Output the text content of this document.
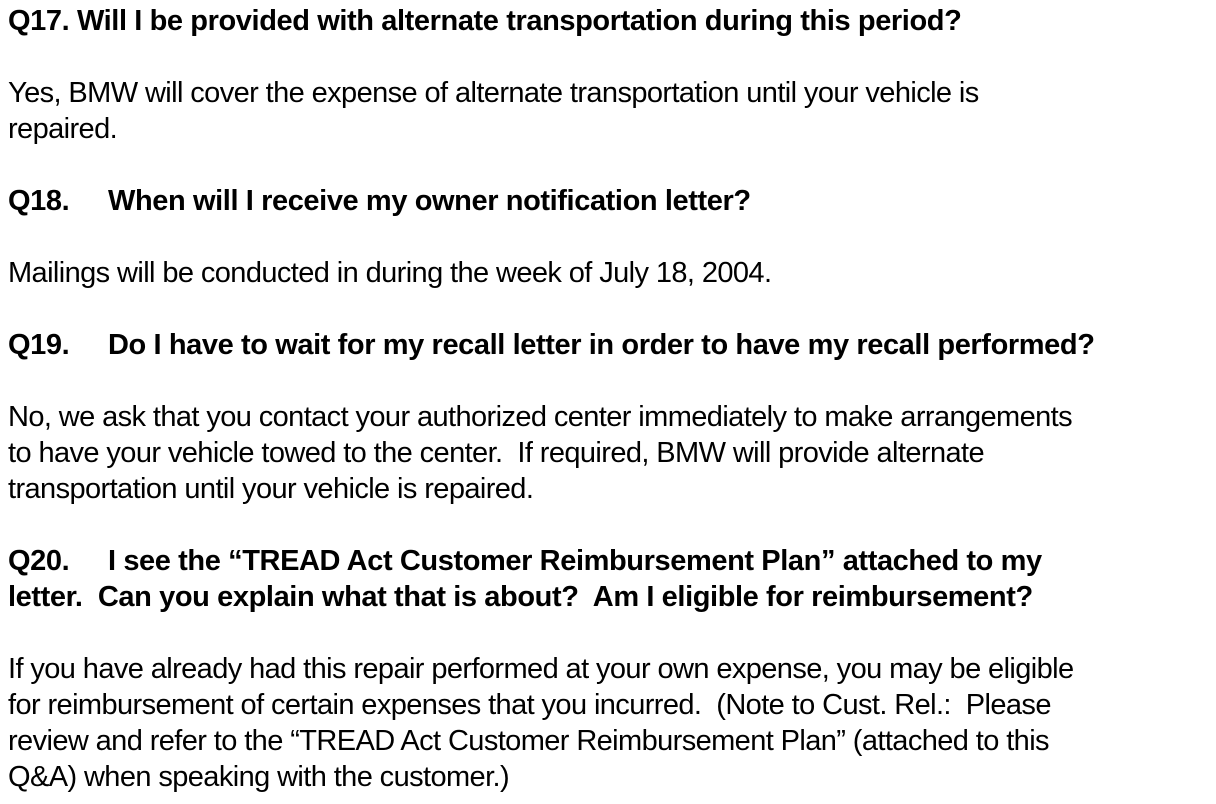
Q17. Will I be provided with alternate transportation during this period?

Yes, BMW will cover the expense of alternate transportation until your vehicle is
repaired.

Q18. When will I receive my owner notification letter?

Mailings will be conducted in during the week of July 18, 2004.

Q19. Do I have to wait for my recall letter in order to have my recall performed?

No, we ask that you contact your authorized center immediately to make arrangements
to have your vehicle towed to the center.  If required, BMW will provide alternate
transportation until your vehicle is repaired.

Q20. I see the “TREAD Act Customer Reimbursement Plan” attached to my
letter.  Can you explain what that is about?  Am I eligible for reimbursement?

If you have already had this repair performed at your own expense, you may be eligible
for reimbursement of certain expenses that you incurred.  (Note to Cust. Rel.:  Please
review and refer to the “TREAD Act Customer Reimbursement Plan” (attached to this
Q&A) when speaking with the customer.)
